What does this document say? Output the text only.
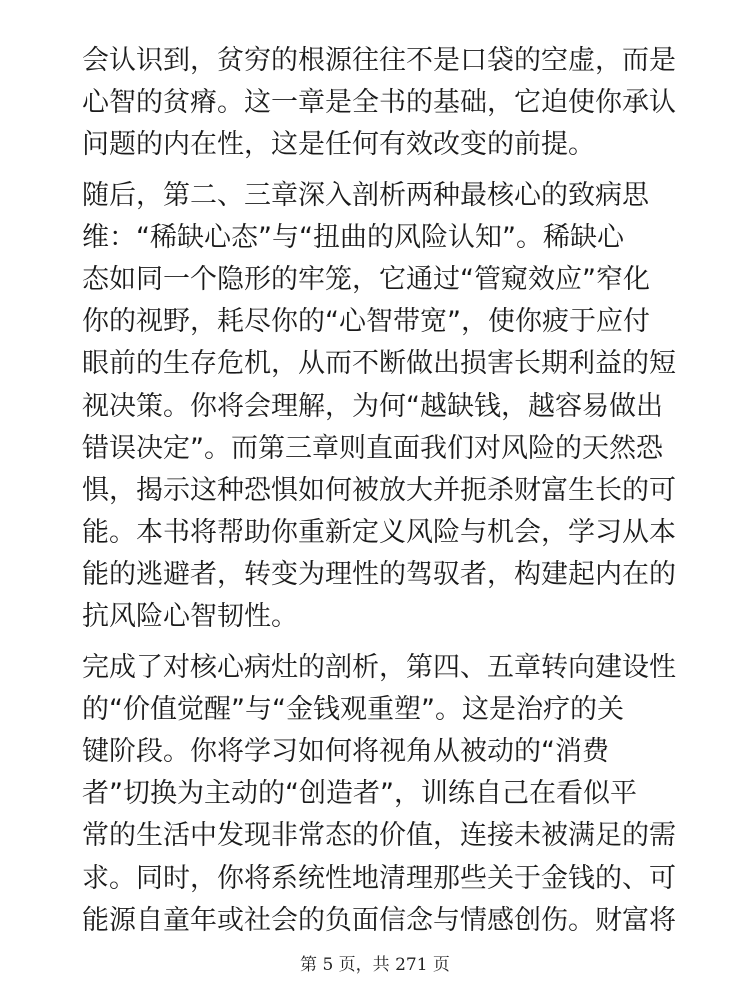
会认识到，贫穷的根源往往不是口袋的空虚，而是
心智的贫瘠。这一章是全书的基础，它迫使你承认
问题的内在性，这是任何有效改变的前提。

随后，第二、三章深入剖析两种最核心的致病思
维：“稀缺心态”与“扭曲的风险认知”。稀缺心
态如同一个隐形的牢笼，它通过“管窥效应”窄化
你的视野，耗尽你的“心智带宽”，使你疲于应付
眼前的生存危机，从而不断做出损害长期利益的短
视决策。你将会理解，为何“越缺钱，越容易做出
错误决定”。而第三章则直面我们对风险的天然恐
惧，揭示这种恐惧如何被放大并扼杀财富生长的可
能。本书将帮助你重新定义风险与机会，学习从本
能的逃避者，转变为理性的驾驭者，构建起内在的
抗风险心智韧性。

完成了对核心病灶的剖析，第四、五章转向建设性
的“价值觉醒”与“金钱观重塑”。这是治疗的关
键阶段。你将学习如何将视角从被动的“消费
者”切换为主动的“创造者”，训练自己在看似平
常的生活中发现非常态的价值，连接未被满足的需
求。同时，你将系统性地清理那些关于金钱的、可
能源自童年或社会的负面信念与情感创伤。财富将

第 5 页，共 271 页
